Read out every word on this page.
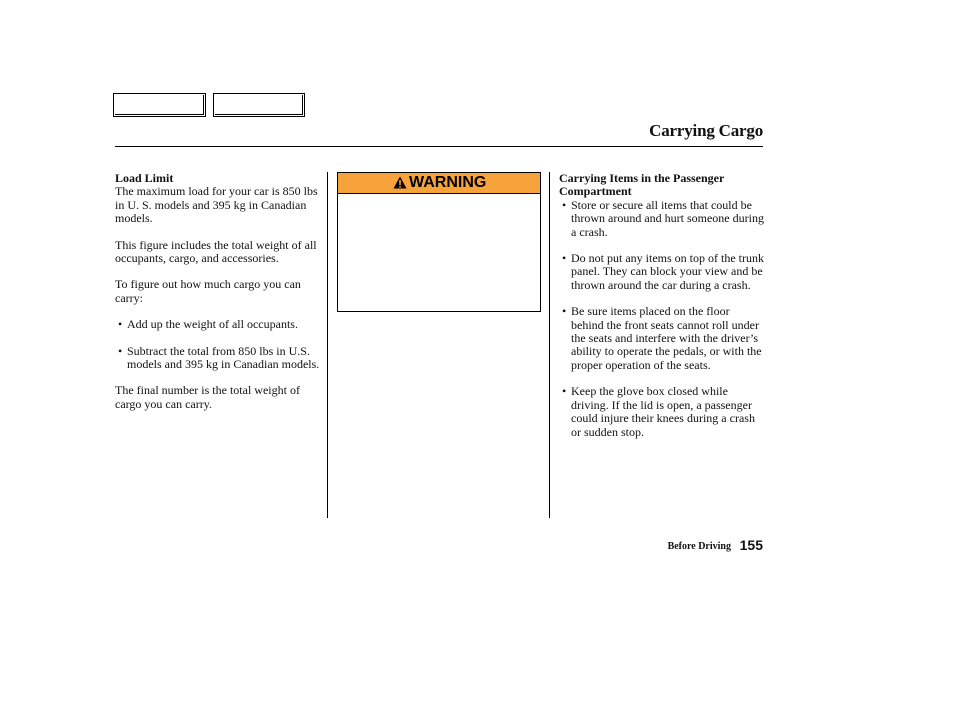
Carrying Cargo

Load Limit

The maximum load for your car is 850 lbs in U. S. models and 395 kg in Canadian models.

This figure includes the total weight of all occupants, cargo, and accessories.

To figure out how much cargo you can carry:

• Add up the weight of all occupants.

• Subtract the total from 850 lbs in U.S. models and 395 kg in Canadian models.

The final number is the total weight of cargo you can carry.

WARNING	Carrying Items in the Passenger Compartment

• Store or secure all items that could be thrown around and hurt someone during a crash.

• Do not put any items on top of the trunk panel. They can block your view and be thrown around the car during a crash.

• Be sure items placed on the floor behind the front seats cannot roll under the seats and interfere with the driver’s ability to operate the pedals, or with the proper operation of the seats.

• Keep the glove box closed while driving. If the lid is open, a passenger could injure their knees during a crash or sudden stop.

Before Driving 155
